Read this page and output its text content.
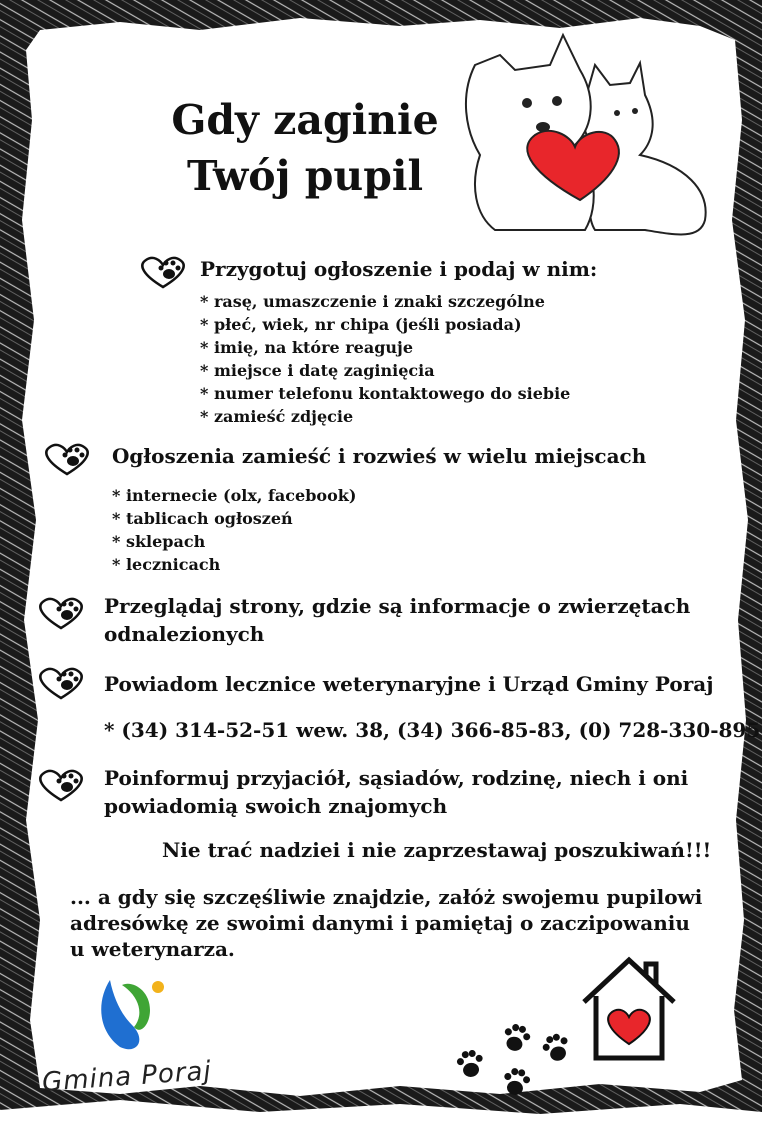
Gdy zaginie
Twój pupil
Przygotuj ogłoszenie i podaj w nim:
* rasę, umaszczenie i znaki szczególne
* płeć, wiek, nr chipa (jeśli posiada)
* imię, na które reaguje
* miejsce i datę zaginięcia
* numer telefonu kontaktowego do siebie
* zamieść zdjęcie
Ogłoszenia zamieść i rozwieś w wielu miejscach
* internecie (olx, facebook)
* tablicach ogłoszeń
* sklepach
* lecznicach
Przeglądaj strony, gdzie są informacje o zwierzętach
odnalezionych
Powiadom lecznice weterynaryjne i Urząd Gminy Poraj
* (34) 314-52-51 wew. 38, (34) 366-85-83, (0) 728-330-895
Poinformuj przyjaciół, sąsiadów, rodzinę, niech i oni
powiadomią swoich znajomych
Nie trać nadziei i nie zaprzestawaj poszukiwań!!!
... a gdy się szczęśliwie znajdzie, załóż swojemu pupilowi
adresówkę ze swoimi danymi i pamiętaj o zaczipowaniu
u weterynarza.
Gmina Poraj
